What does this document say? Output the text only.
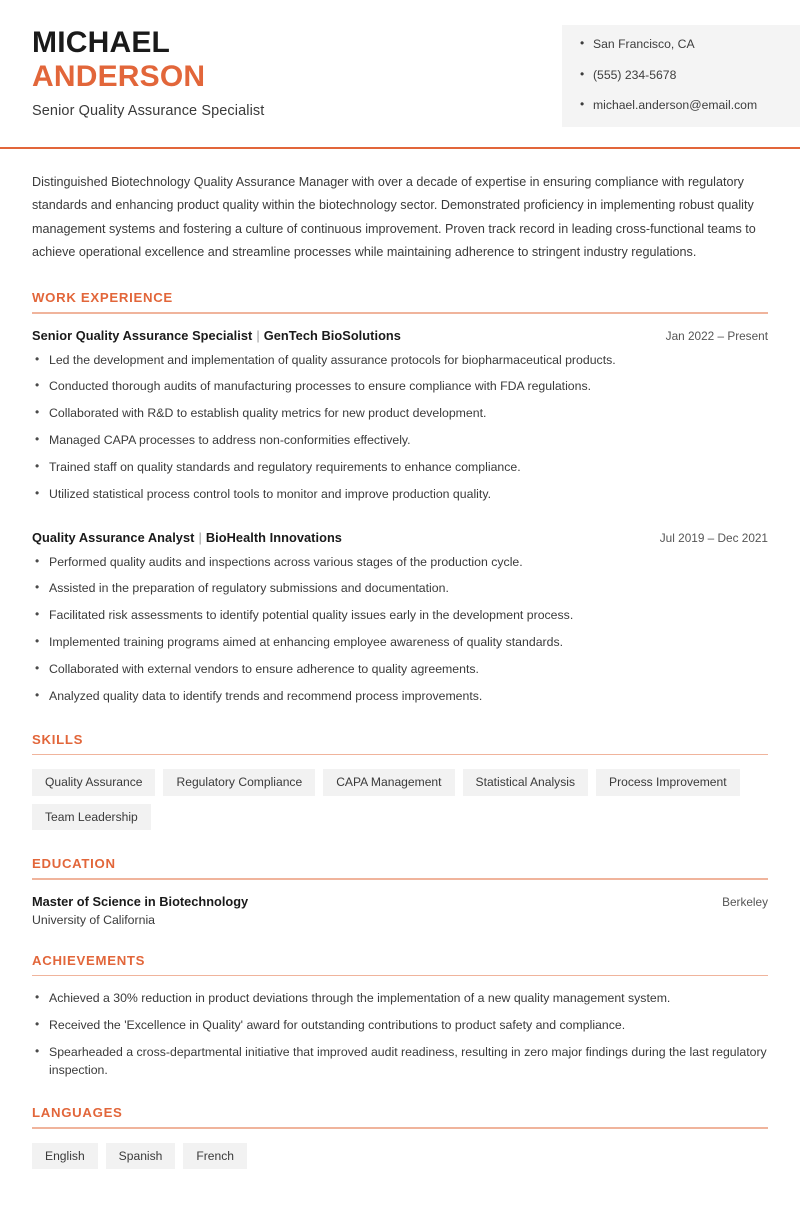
MICHAEL
ANDERSON
Senior Quality Assurance Specialist
• San Francisco, CA
• (555) 234-5678
• michael.anderson@email.com

Distinguished Biotechnology Quality Assurance Manager with over a decade of expertise in ensuring compliance with regulatory standards and enhancing product quality within the biotechnology sector. Demonstrated proficiency in implementing robust quality management systems and fostering a culture of continuous improvement. Proven track record in leading cross-functional teams to achieve operational excellence and streamline processes while maintaining adherence to stringent industry regulations.

WORK EXPERIENCE
Senior Quality Assurance Specialist | GenTech BioSolutions	Jan 2022 – Present
• Led the development and implementation of quality assurance protocols for biopharmaceutical products.
• Conducted thorough audits of manufacturing processes to ensure compliance with FDA regulations.
• Collaborated with R&D to establish quality metrics for new product development.
• Managed CAPA processes to address non-conformities effectively.
• Trained staff on quality standards and regulatory requirements to enhance compliance.
• Utilized statistical process control tools to monitor and improve production quality.
Quality Assurance Analyst | BioHealth Innovations	Jul 2019 – Dec 2021
• Performed quality audits and inspections across various stages of the production cycle.
• Assisted in the preparation of regulatory submissions and documentation.
• Facilitated risk assessments to identify potential quality issues early in the development process.
• Implemented training programs aimed at enhancing employee awareness of quality standards.
• Collaborated with external vendors to ensure adherence to quality agreements.
• Analyzed quality data to identify trends and recommend process improvements.
SKILLS
Quality Assurance	Regulatory Compliance	CAPA Management	Statistical Analysis	Process Improvement
Team Leadership
EDUCATION
Master of Science in Biotechnology	Berkeley
University of California
ACHIEVEMENTS
• Achieved a 30% reduction in product deviations through the implementation of a new quality management system.
• Received the 'Excellence in Quality' award for outstanding contributions to product safety and compliance.
• Spearheaded a cross-departmental initiative that improved audit readiness, resulting in zero major findings during the last regulatory inspection.
LANGUAGES
English	Spanish	French
